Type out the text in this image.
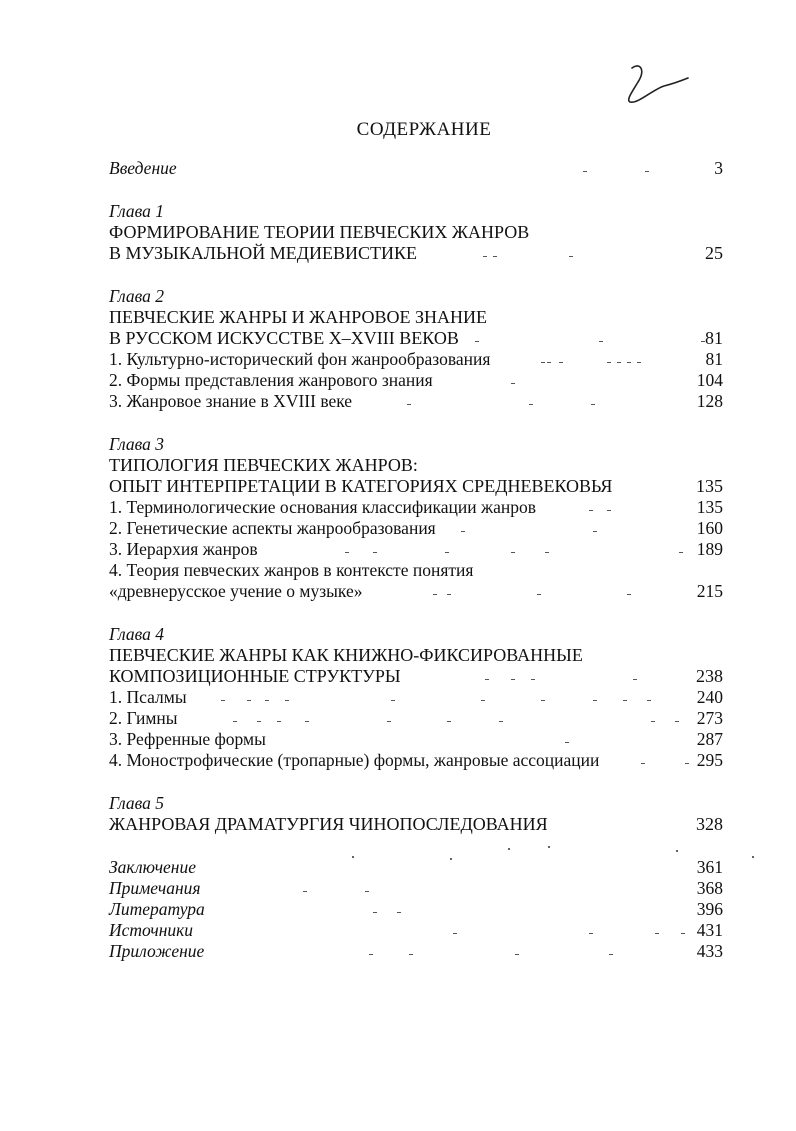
СОДЕРЖАНИЕ
Введение	3
Глава 1
ФОРМИРОВАНИЕ ТЕОРИИ ПЕВЧЕСКИХ ЖАНРОВ
В МУЗЫКАЛЬНОЙ МЕДИЕВИСТИКЕ	25
Глава 2
ПЕВЧЕСКИЕ ЖАНРЫ И ЖАНРОВОЕ ЗНАНИЕ
В РУССКОМ ИСКУССТВЕ X–XVIII ВЕКОВ	81
1. Культурно-исторический фон жанрообразования	81
2. Формы представления жанрового знания	104
3. Жанровое знание в XVIII веке	128
Глава 3
ТИПОЛОГИЯ ПЕВЧЕСКИХ ЖАНРОВ:
ОПЫТ ИНТЕРПРЕТАЦИИ В КАТЕГОРИЯХ СРЕДНЕВЕКОВЬЯ	135
1. Терминологические основания классификации жанров	135
2. Генетические аспекты жанрообразования	160
3. Иерархия жанров	189
4. Теория певческих жанров в контексте понятия
«древнерусское учение о музыке»	215
Глава 4
ПЕВЧЕСКИЕ ЖАНРЫ КАК КНИЖНО-ФИКСИРОВАННЫЕ
КОМПОЗИЦИОННЫЕ СТРУКТУРЫ	238
1. Псалмы	240
2. Гимны	273
3. Рефренные формы	287
4. Монострофические (тропарные) формы, жанровые ассоциации	295
Глава 5
ЖАНРОВАЯ ДРАМАТУРГИЯ ЧИНОПОСЛЕДОВАНИЯ	328
Заключение	361
Примечания	368
Литература	396
Источники	431
Приложение	433
